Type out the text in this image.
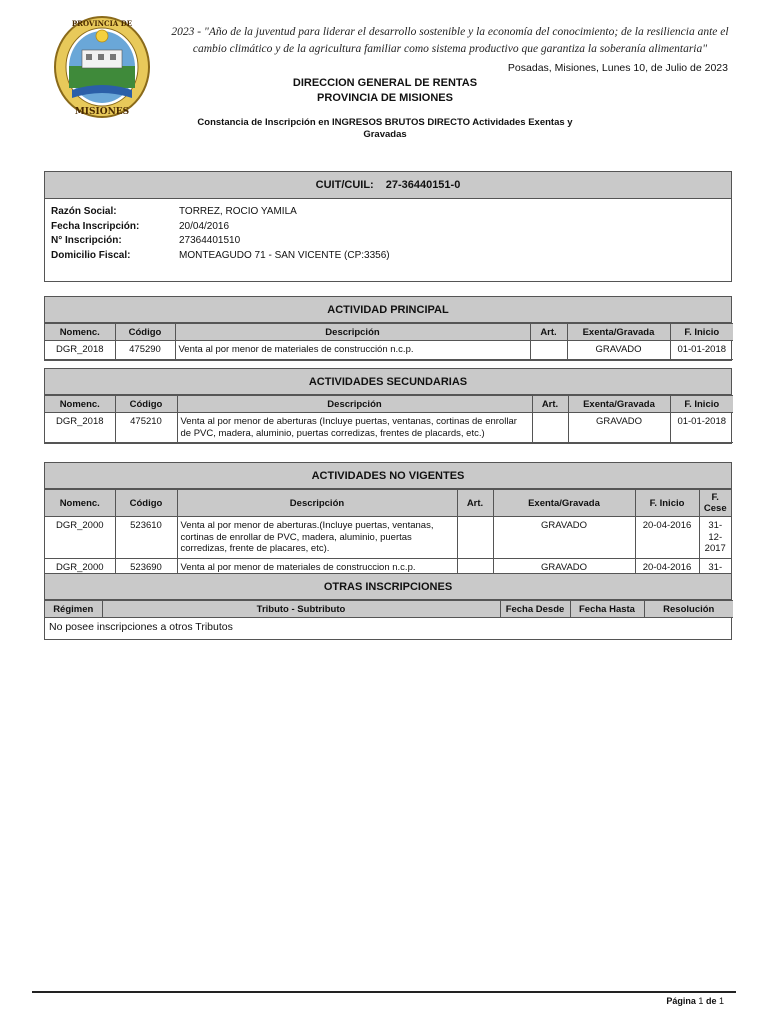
PROVINCIA DE
MISIONES
2023 - "Año de la juventud para liderar el desarrollo sostenible y la economía del conocimiento; de la resiliencia ante el cambio climático y de la agricultura familiar como sistema productivo que garantiza la soberanía alimentaria"
Posadas, Misiones, Lunes 10, de Julio de 2023
DIRECCION GENERAL DE RENTAS
PROVINCIA DE MISIONES
Constancia de Inscripción en INGRESOS BRUTOS DIRECTO Actividades Exentas y Gravadas
CUIT/CUIL: 27-36440151-0
Razón Social:	TORREZ, ROCIO YAMILA
Fecha Inscripción:	20/04/2016
N° Inscripción:	27364401510
Domicilio Fiscal:	MONTEAGUDO 71 - SAN VICENTE (CP:3356)
ACTIVIDAD PRINCIPAL
Nomenc.	Código	Descripción	Art.	Exenta/Gravada	F. Inicio
DGR_2018	475290	Venta al por menor de materiales de construcción n.c.p.		GRAVADO	01-01-2018
ACTIVIDADES SECUNDARIAS
Nomenc.	Código	Descripción	Art.	Exenta/Gravada	F. Inicio
DGR_2018	475210	Venta al por menor de aberturas (Incluye puertas, ventanas, cortinas de enrollar de PVC, madera, aluminio, puertas corredizas, frentes de placards, etc.)		GRAVADO	01-01-2018
ACTIVIDADES NO VIGENTES
Nomenc.	Código	Descripción	Art.	Exenta/Gravada	F. Inicio	F. Cese
DGR_2000	523610	Venta al por menor de aberturas.(Incluye puertas, ventanas, cortinas de enrollar de PVC, madera, aluminio, puertas corredizas, frente de placares, etc).		GRAVADO	20-04-2016	31-12-2017
DGR_2000	523690	Venta al por menor de materiales de construccion n.c.p.		GRAVADO	20-04-2016	31-
OTRAS INSCRIPCIONES
Régimen	Tributo - Subtributo	Fecha Desde	Fecha Hasta	Resolución
No posee inscripciones a otros Tributos
Página 1 de 1
